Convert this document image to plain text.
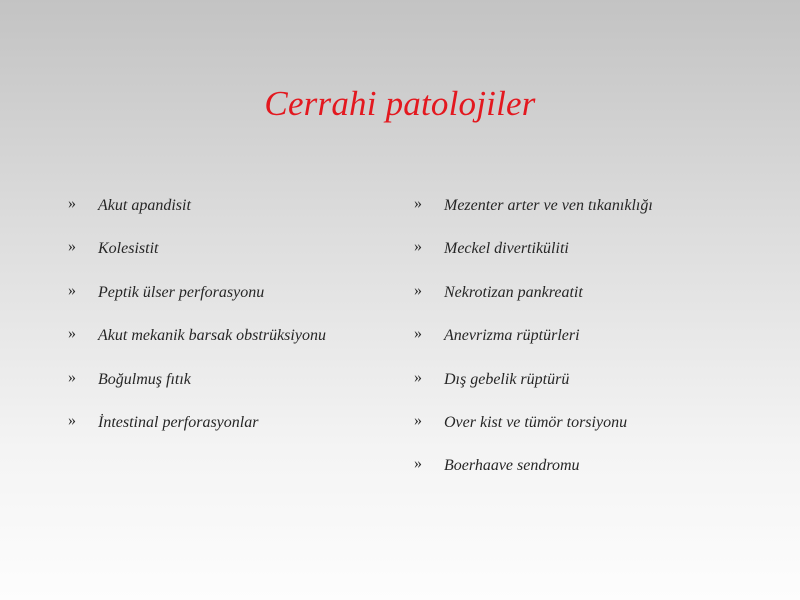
Cerrahi patolojiler
»	Akut apandisit
»	Kolesistit
»	Peptik ülser perforasyonu
»	Akut mekanik barsak obstrüksiyonu
»	Boğulmuş fıtık
»	İntestinal perforasyonlar
»	Mezenter arter ve ven tıkanıklığı
»	Meckel divertiküliti
»	Nekrotizan pankreatit
»	Anevrizma rüptürleri
»	Dış gebelik rüptürü
»	Over kist ve tümör torsiyonu
»	Boerhaave sendromu
